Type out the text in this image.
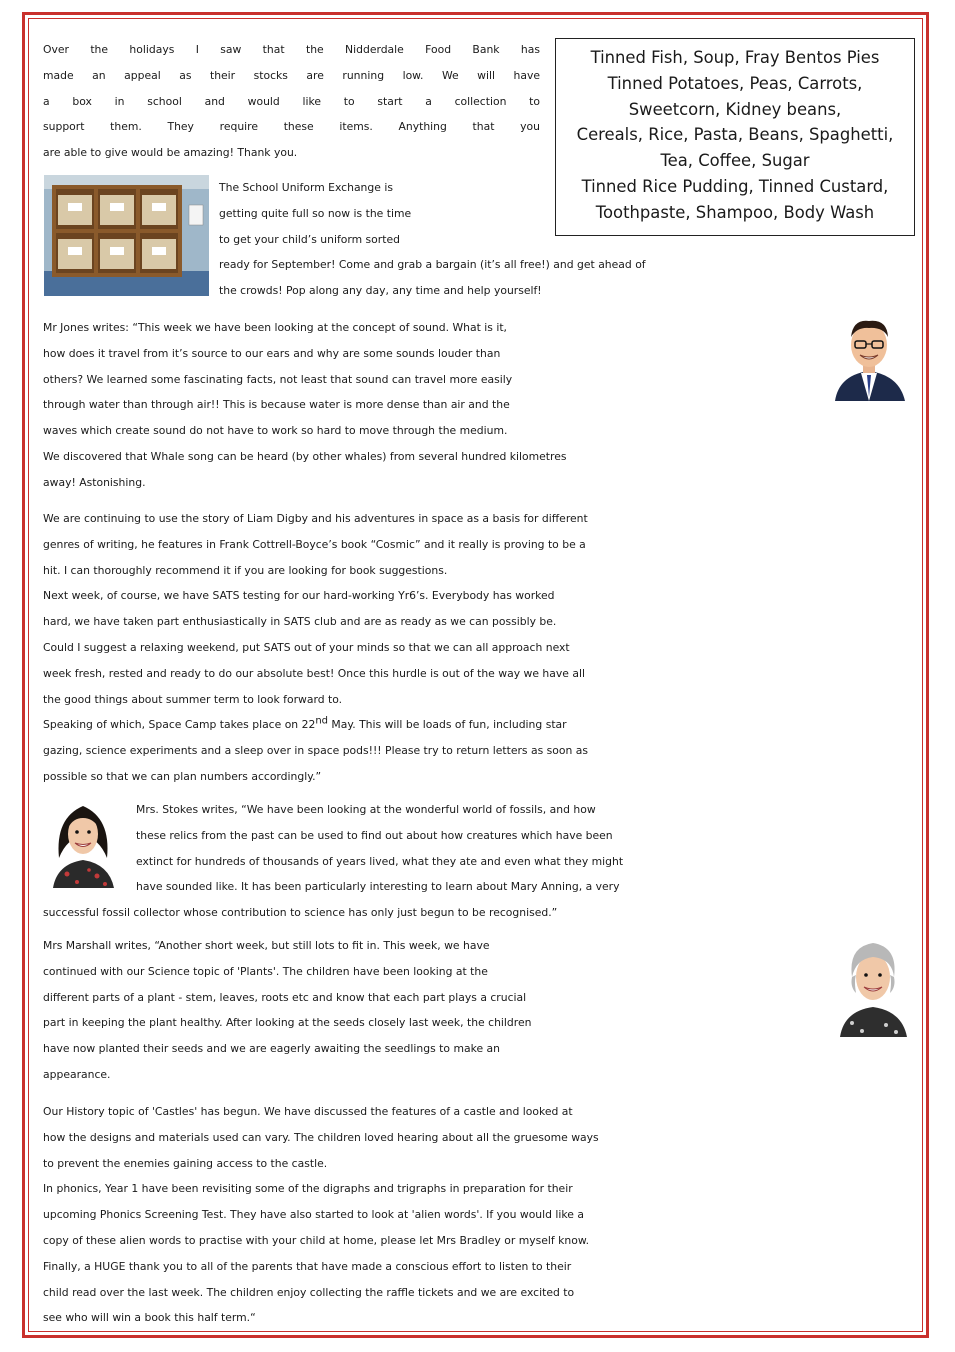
Over the holidays I saw that the Nidderdale Food Bank has
made an appeal as their stocks are running low. We will have
a box in school and would like to start a collection to
support them. They require these items. Anything that you
are able to give would be amazing! Thank you.
Tinned Fish, Soup, Fray Bentos Pies
Tinned Potatoes, Peas, Carrots,
Sweetcorn, Kidney beans,
Cereals, Rice, Pasta, Beans, Spaghetti,
Tea, Coffee, Sugar
Tinned Rice Pudding, Tinned Custard,
Toothpaste, Shampoo, Body Wash
The School Uniform Exchange is
getting quite full so now is the time
to get your child’s uniform sorted
ready for September! Come and grab a bargain (it’s all free!) and get ahead of
the crowds! Pop along any day, any time and help yourself!
Mr Jones writes: “This week we have been looking at the concept of sound. What is it,
how does it travel from it’s source to our ears and why are some sounds louder than
others? We learned some fascinating facts, not least that sound can travel more easily
through water than through air!! This is because water is more dense than air and the
waves which create sound do not have to work so hard to move through the medium.
We discovered that Whale song can be heard (by other whales) from several hundred kilometres
away! Astonishing.
We are continuing to use the story of Liam Digby and his adventures in space as a basis for different
genres of writing, he features in Frank Cottrell-Boyce’s book “Cosmic” and it really is proving to be a
hit. I can thoroughly recommend it if you are looking for book suggestions.
Next week, of course, we have SATS testing for our hard-working Yr6’s. Everybody has worked
hard, we have taken part enthusiastically in SATS club and are as ready as we can possibly be.
Could I suggest a relaxing weekend, put SATS out of your minds so that we can all approach next
week fresh, rested and ready to do our absolute best! Once this hurdle is out of the way we have all
the good things about summer term to look forward to.
Speaking of which, Space Camp takes place on 22nd May. This will be loads of fun, including star
gazing, science experiments and a sleep over in space pods!!! Please try to return letters as soon as
possible so that we can plan numbers accordingly.”
Mrs. Stokes writes, “We have been looking at the wonderful world of fossils, and how
these relics from the past can be used to find out about how creatures which have been
extinct for hundreds of thousands of years lived, what they ate and even what they might
have sounded like. It has been particularly interesting to learn about Mary Anning, a very
successful fossil collector whose contribution to science has only just begun to be recognised.”
Mrs Marshall writes, “Another short week, but still lots to fit in. This week, we have
continued with our Science topic of 'Plants'. The children have been looking at the
different parts of a plant - stem, leaves, roots etc and know that each part plays a crucial
part in keeping the plant healthy. After looking at the seeds closely last week, the children
have now planted their seeds and we are eagerly awaiting the seedlings to make an
appearance.
Our History topic of 'Castles' has begun. We have discussed the features of a castle and looked at
how the designs and materials used can vary. The children loved hearing about all the gruesome ways
to prevent the enemies gaining access to the castle.
In phonics, Year 1 have been revisiting some of the digraphs and trigraphs in preparation for their
upcoming Phonics Screening Test. They have also started to look at 'alien words'. If you would like a
copy of these alien words to practise with your child at home, please let Mrs Bradley or myself know.
Finally, a HUGE thank you to all of the parents that have made a conscious effort to listen to their
child read over the last week. The children enjoy collecting the raffle tickets and we are excited to
see who will win a book this half term.“
